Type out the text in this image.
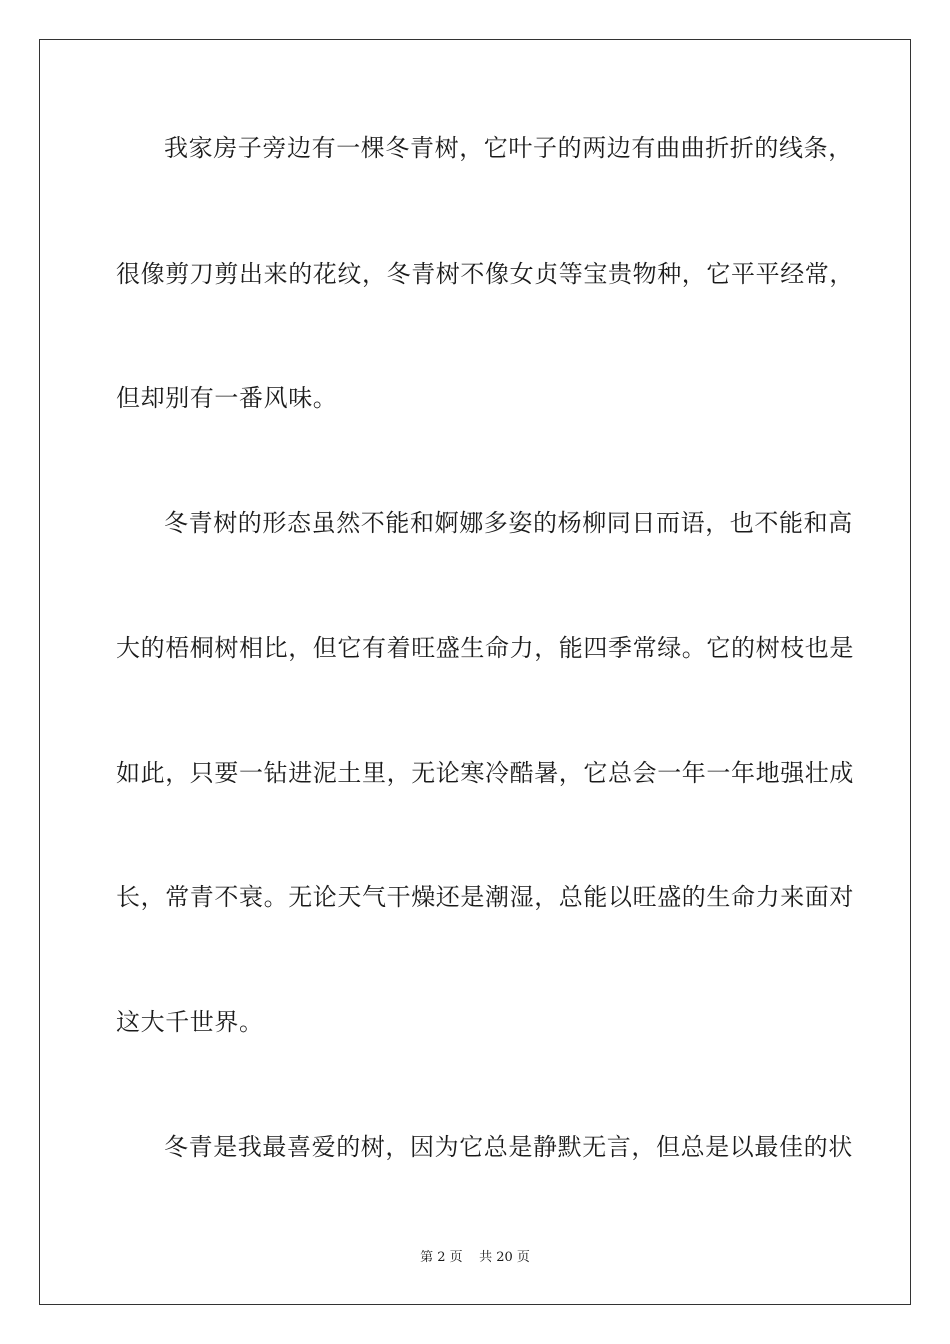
我家房子旁边有一棵冬青树，它叶子的两边有曲曲折折的线条，

很像剪刀剪出来的花纹，冬青树不像女贞等宝贵物种，它平平经常，

但却别有一番风味。

冬青树的形态虽然不能和婀娜多姿的杨柳同日而语，也不能和高

大的梧桐树相比，但它有着旺盛生命力，能四季常绿。它的树枝也是

如此，只要一钻进泥土里，无论寒冷酷暑，它总会一年一年地强壮成

长，常青不衰。无论天气干燥还是潮湿，总能以旺盛的生命力来面对

这大千世界。

冬青是我最喜爱的树，因为它总是静默无言，但总是以最佳的状

第 2 页    共 20 页
